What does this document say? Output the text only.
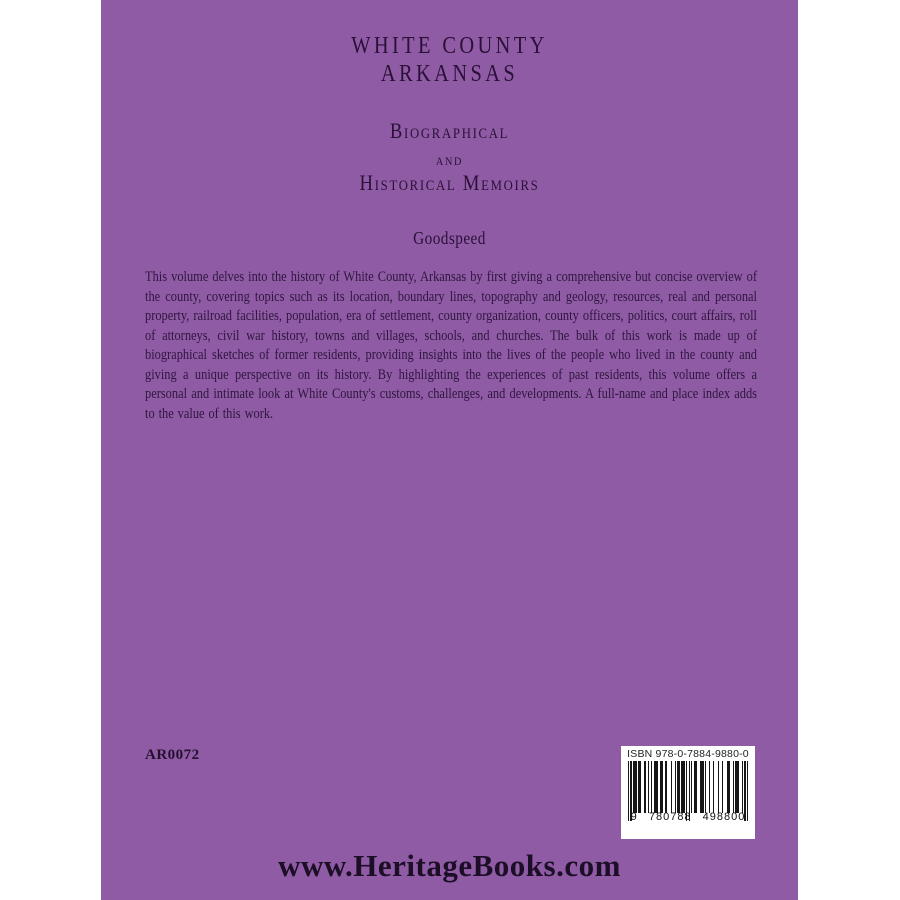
WHITE COUNTY
ARKANSAS
Biographical
and
Historical Memoirs
Goodspeed
This volume delves into the history of White County, Arkansas by first giving a comprehensive but concise overview of the county, covering topics such as its location, boundary lines, topography and geology, resources, real and personal property, railroad facilities, population, era of settlement, county organization, county officers, politics, court affairs, roll of attorneys, civil war history, towns and villages, schools, and churches. The bulk of this work is made up of biographical sketches of former residents, providing insights into the lives of the people who lived in the county and giving a unique perspective on its history. By highlighting the experiences of past residents, this volume offers a personal and intimate look at White County's customs, challenges, and developments. A full-name and place index adds to the value of this work.
AR0072	ISBN 978-0-7884-9880-0
9 780788 498800
www.HeritageBooks.com
